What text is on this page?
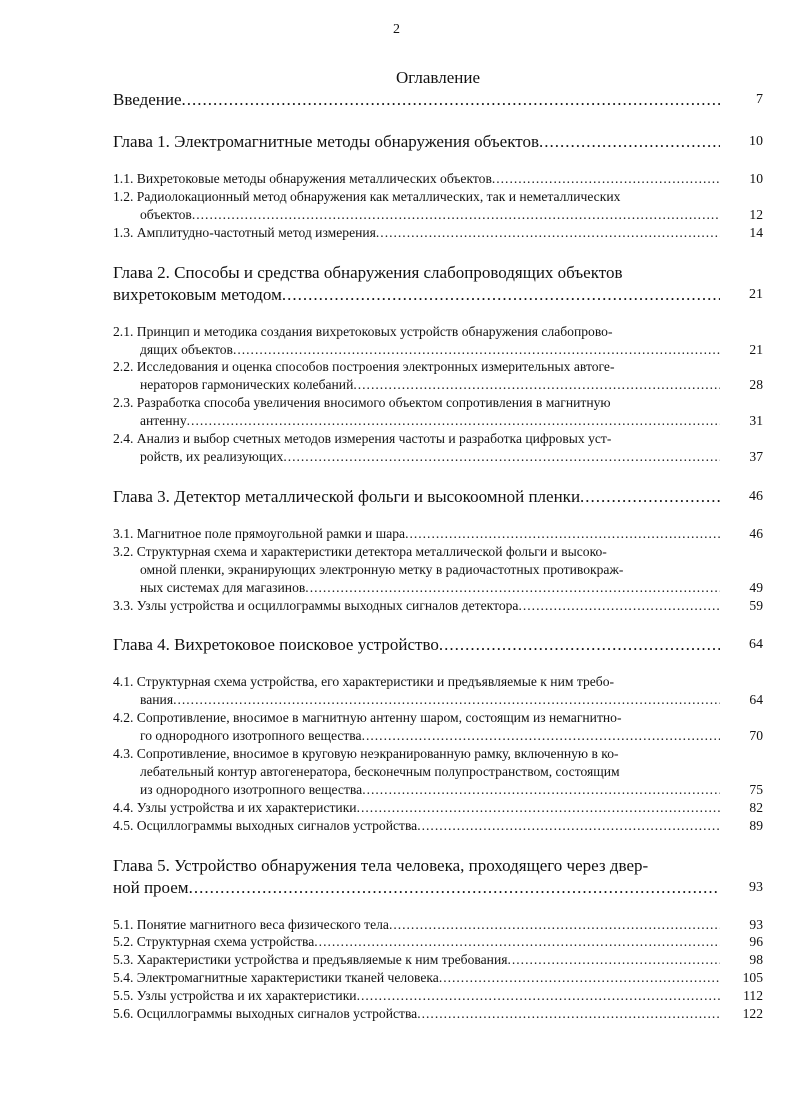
2
Оглавление
Введение .....	7
Глава 1. Электромагнитные методы обнаружения объектов .....	10
1.1. Вихретоковые методы обнаружения металлических объектов .....	10
1.2. Радиолокационный метод обнаружения как металлических, так и неметаллических
объектов .....	12
1.3. Амплитудно-частотный метод измерения .....	14
Глава 2. Способы и средства обнаружения слабопроводящих объектов
вихретоковым методом .....	21
2.1. Принцип и методика создания вихретоковых устройств обнаружения слабопрово-
дящих объектов .....	21
2.2. Исследования и оценка способов построения электронных измерительных автоге-
нераторов гармонических колебаний .....	28
2.3. Разработка способа увеличения вносимого объектом сопротивления в магнитную
антенну .....	31
2.4. Анализ и выбор счетных методов измерения частоты и разработка цифровых уст-
ройств, их реализующих .....	37
Глава 3. Детектор металлической фольги и высокоомной пленки .....	46
3.1. Магнитное поле прямоугольной рамки и шара .....	46
3.2. Структурная схема и характеристики детектора металлической фольги и высоко-
омной пленки, экранирующих электронную метку в радиочастотных противокраж-
ных системах для магазинов .....	49
3.3. Узлы устройства и осциллограммы выходных сигналов детектора .....	59
Глава 4. Вихретоковое поисковое устройство .....	64
4.1. Структурная схема устройства, его характеристики и предъявляемые к ним требо-
вания .....	64
4.2. Сопротивление, вносимое в магнитную антенну шаром, состоящим из немагнитно-
го однородного изотропного вещества .....	70
4.3. Сопротивление, вносимое в круговую неэкранированную рамку, включенную в ко-
лебательный контур автогенератора, бесконечным полупространством, состоящим
из однородного изотропного вещества .....	75
4.4. Узлы устройства и их характеристики .....	82
4.5. Осциллограммы выходных сигналов устройства .....	89
Глава 5. Устройство обнаружения тела человека, проходящего через двер-
ной проем .....	93
5.1. Понятие магнитного веса физического тела .....	93
5.2. Структурная схема устройства .....	96
5.3. Характеристики устройства и предъявляемые к ним требования .....	98
5.4. Электромагнитные характеристики тканей человека .....	105
5.5. Узлы устройства и их характеристики .....	112
5.6. Осциллограммы выходных сигналов устройства .....	122
